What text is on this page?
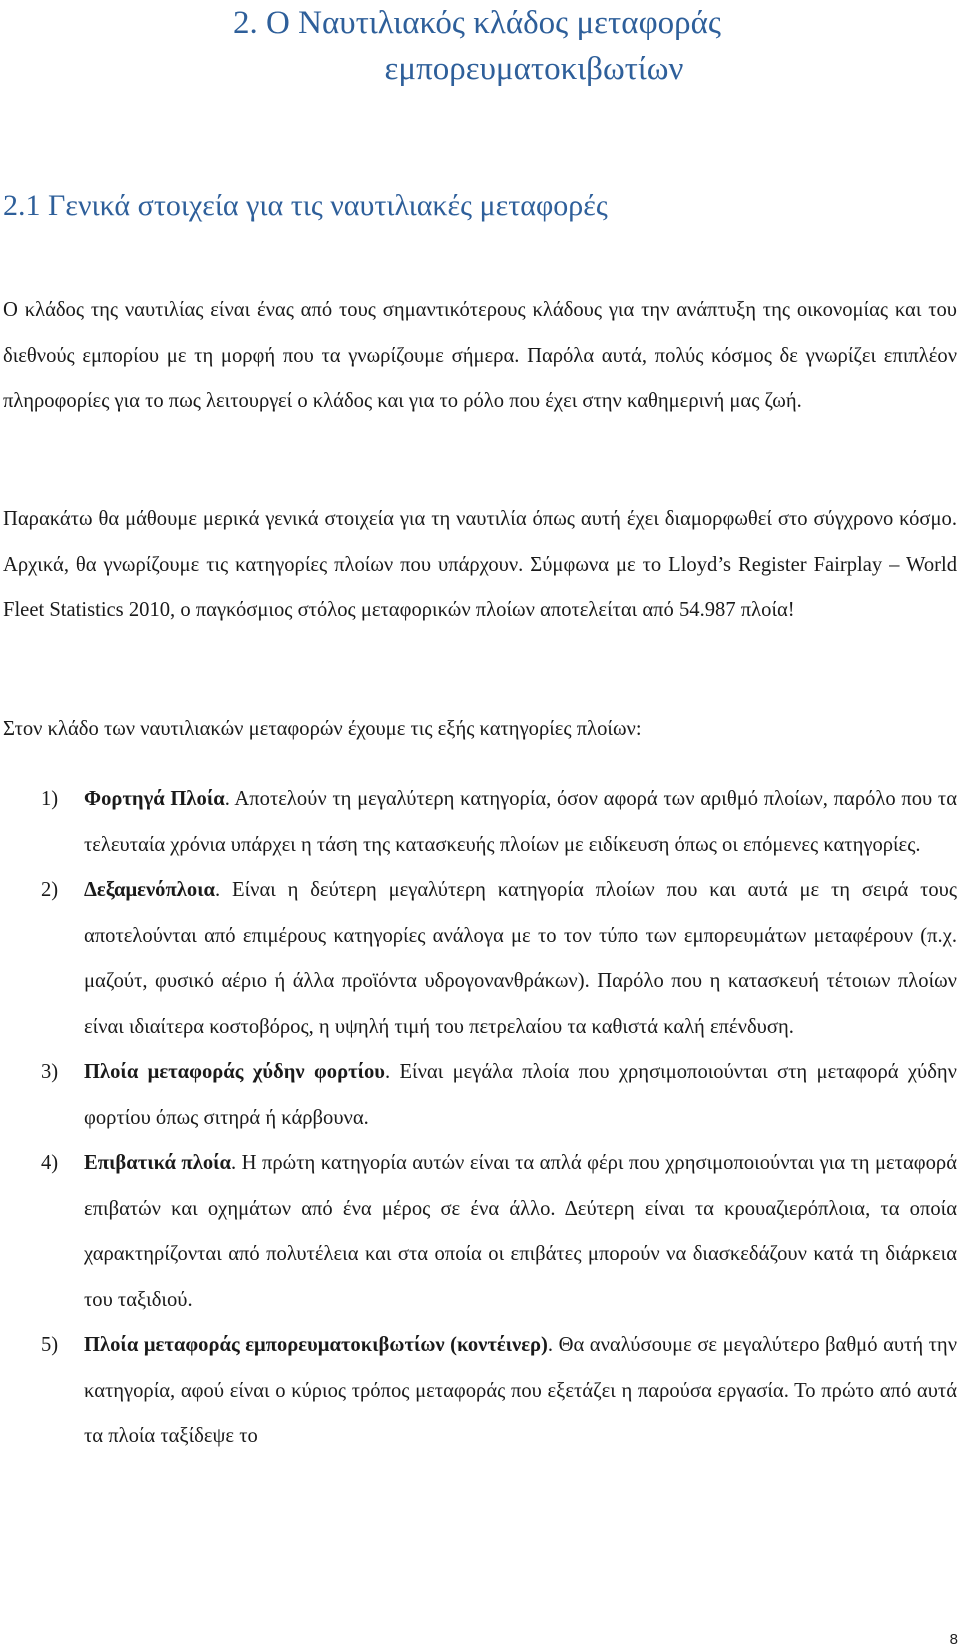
2. Ο Ναυτιλιακός κλάδος μεταφοράς
εμπορευματοκιβωτίων
2.1 Γενικά στοιχεία για τις ναυτιλιακές μεταφορές

Ο κλάδος της ναυτιλίας είναι ένας από τους σημαντικότερους κλάδους για την ανάπτυξη της οικονομίας και του διεθνούς εμπορίου με τη μορφή που τα γνωρίζουμε σήμερα. Παρόλα αυτά, πολύς κόσμος δε γνωρίζει επιπλέον πληροφορίες για το πως λειτουργεί ο κλάδος και για το ρόλο που έχει στην καθημερινή μας ζωή.

Παρακάτω θα μάθουμε μερικά γενικά στοιχεία για τη ναυτιλία όπως αυτή έχει διαμορφωθεί στο σύγχρονο κόσμο. Αρχικά, θα γνωρίζουμε τις κατηγορίες πλοίων που υπάρχουν. Σύμφωνα με το Lloyd’s Register Fairplay – World Fleet Statistics 2010, ο παγκόσμιος στόλος μεταφορικών πλοίων αποτελείται από 54.987 πλοία!

Στον κλάδο των ναυτιλιακών μεταφορών έχουμε τις εξής κατηγορίες πλοίων:

1) Φορτηγά Πλοία. Αποτελούν τη μεγαλύτερη κατηγορία, όσον αφορά των αριθμό πλοίων, παρόλο που τα τελευταία χρόνια υπάρχει η τάση της κατασκευής πλοίων με ειδίκευση όπως οι επόμενες κατηγορίες.
2) Δεξαμενόπλοια. Είναι η δεύτερη μεγαλύτερη κατηγορία πλοίων που και αυτά με τη σειρά τους αποτελούνται από επιμέρους κατηγορίες ανάλογα με το τον τύπο των εμπορευμάτων μεταφέρουν (π.χ. μαζούτ, φυσικό αέριο ή άλλα προϊόντα υδρογονανθράκων). Παρόλο που η κατασκευή τέτοιων πλοίων είναι ιδιαίτερα κοστοβόρος, η υψηλή τιμή του πετρελαίου τα καθιστά καλή επένδυση.
3) Πλοία μεταφοράς χύδην φορτίου. Είναι μεγάλα πλοία που χρησιμοποιούνται στη μεταφορά χύδην φορτίου όπως σιτηρά ή κάρβουνα.
4) Επιβατικά πλοία. Η πρώτη κατηγορία αυτών είναι τα απλά φέρι που χρησιμοποιούνται για τη μεταφορά επιβατών και οχημάτων από ένα μέρος σε ένα άλλο. Δεύτερη είναι τα κρουαζιερόπλοια, τα οποία χαρακτηρίζονται από πολυτέλεια και στα οποία οι επιβάτες μπορούν να διασκεδάζουν κατά τη διάρκεια του ταξιδιού.
5) Πλοία μεταφοράς εμπορευματοκιβωτίων (κοντέινερ). Θα αναλύσουμε σε μεγαλύτερο βαθμό αυτή την κατηγορία, αφού είναι ο κύριος τρόπος μεταφοράς που εξετάζει η παρούσα εργασία. Το πρώτο από αυτά τα πλοία ταξίδεψε το
8
